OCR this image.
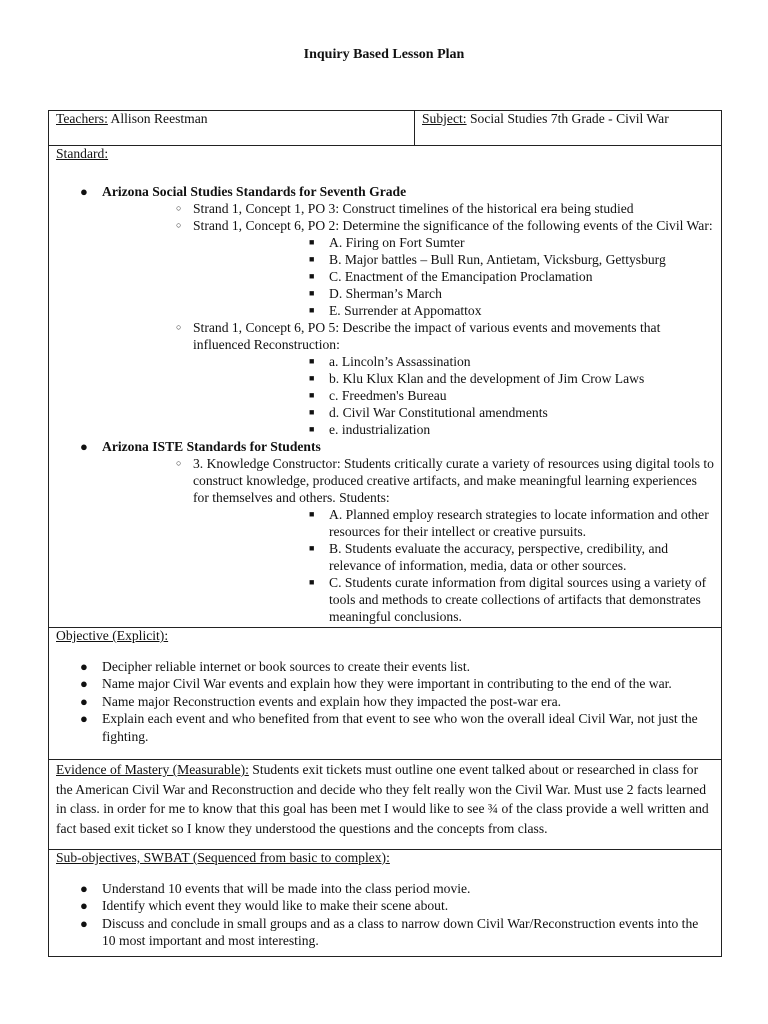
Inquiry Based Lesson Plan
Teachers: Allison Reestman	Subject: Social Studies 7th Grade - Civil War
Standard:
● Arizona Social Studies Standards for Seventh Grade
○ Strand 1, Concept 1, PO 3: Construct timelines of the historical era being studied
○ Strand 1, Concept 6, PO 2: Determine the significance of the following events of the Civil War:
■ A. Firing on Fort Sumter
■ B. Major battles – Bull Run, Antietam, Vicksburg, Gettysburg
■ C. Enactment of the Emancipation Proclamation
■ D. Sherman’s March
■ E. Surrender at Appomattox
○ Strand 1, Concept 6, PO 5: Describe the impact of various events and movements that influenced Reconstruction:
■ a. Lincoln’s Assassination
■ b. Klu Klux Klan and the development of Jim Crow Laws
■ c. Freedmen's Bureau
■ d. Civil War Constitutional amendments
■ e. industrialization
● Arizona ISTE Standards for Students
○ 3. Knowledge Constructor: Students critically curate a variety of resources using digital tools to construct knowledge, produced creative artifacts, and make meaningful learning experiences for themselves and others. Students:
■ A. Planned employ research strategies to locate information and other resources for their intellect or creative pursuits.
■ B. Students evaluate the accuracy, perspective, credibility, and relevance of information, media, data or other sources.
■ C. Students curate information from digital sources using a variety of tools and methods to create collections of artifacts that demonstrates meaningful conclusions.

Objective (Explicit):
● Decipher reliable internet or book sources to create their events list.
● Name major Civil War events and explain how they were important in contributing to the end of the war.
● Name major Reconstruction events and explain how they impacted the post-war era.
● Explain each event and who benefited from that event to see who won the overall ideal Civil War, not just the fighting.

Evidence of Mastery (Measurable): Students exit tickets must outline one event talked about or researched in class for the American Civil War and Reconstruction and decide who they felt really won the Civil War. Must use 2 facts learned in class. in order for me to know that this goal has been met I would like to see ¾ of the class provide a well written and fact based exit ticket so I know they understood the questions and the concepts from class.
Sub-objectives, SWBAT (Sequenced from basic to complex):
● Understand 10 events that will be made into the class period movie.
● Identify which event they would like to make their scene about.
● Discuss and conclude in small groups and as a class to narrow down Civil War/Reconstruction events into the 10 most important and most interesting.
